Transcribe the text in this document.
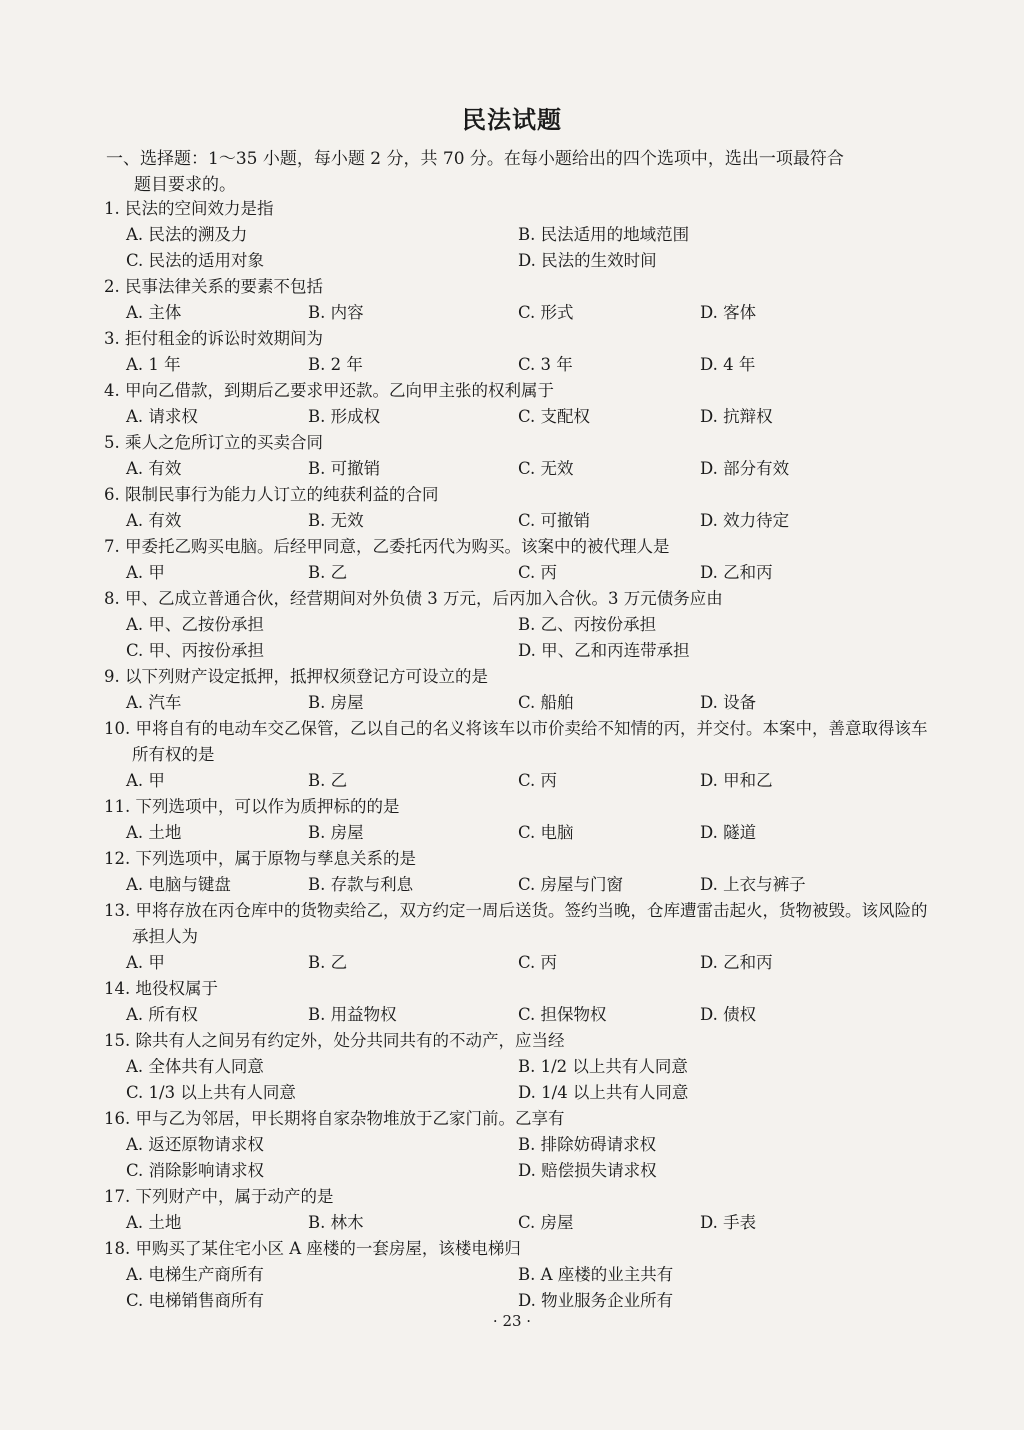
民法试题
一、选择题：1～35 小题，每小题 2 分，共 70 分。在每小题给出的四个选项中，选出一项最符合
题目要求的。
1. 民法的空间效力是指
A. 民法的溯及力	B. 民法适用的地域范围
C. 民法的适用对象	D. 民法的生效时间
2. 民事法律关系的要素不包括
A. 主体	B. 内容	C. 形式	D. 客体
3. 拒付租金的诉讼时效期间为
A. 1 年	B. 2 年	C. 3 年	D. 4 年
4. 甲向乙借款，到期后乙要求甲还款。乙向甲主张的权利属于
A. 请求权	B. 形成权	C. 支配权	D. 抗辩权
5. 乘人之危所订立的买卖合同
A. 有效	B. 可撤销	C. 无效	D. 部分有效
6. 限制民事行为能力人订立的纯获利益的合同
A. 有效	B. 无效	C. 可撤销	D. 效力待定
7. 甲委托乙购买电脑。后经甲同意，乙委托丙代为购买。该案中的被代理人是
A. 甲	B. 乙	C. 丙	D. 乙和丙
8. 甲、乙成立普通合伙，经营期间对外负债 3 万元，后丙加入合伙。3 万元债务应由
A. 甲、乙按份承担	B. 乙、丙按份承担
C. 甲、丙按份承担	D. 甲、乙和丙连带承担
9. 以下列财产设定抵押，抵押权须登记方可设立的是
A. 汽车	B. 房屋	C. 船舶	D. 设备
10. 甲将自有的电动车交乙保管，乙以自己的名义将该车以市价卖给不知情的丙，并交付。本案中，善意取得该车所有权的是
A. 甲	B. 乙	C. 丙	D. 甲和乙
11. 下列选项中，可以作为质押标的的是
A. 土地	B. 房屋	C. 电脑	D. 隧道
12. 下列选项中，属于原物与孳息关系的是
A. 电脑与键盘	B. 存款与利息	C. 房屋与门窗	D. 上衣与裤子
13. 甲将存放在丙仓库中的货物卖给乙，双方约定一周后送货。签约当晚，仓库遭雷击起火，货物被毁。该风险的承担人为
A. 甲	B. 乙	C. 丙	D. 乙和丙
14. 地役权属于
A. 所有权	B. 用益物权	C. 担保物权	D. 债权
15. 除共有人之间另有约定外，处分共同共有的不动产，应当经
A. 全体共有人同意	B. 1/2 以上共有人同意
C. 1/3 以上共有人同意	D. 1/4 以上共有人同意
16. 甲与乙为邻居，甲长期将自家杂物堆放于乙家门前。乙享有
A. 返还原物请求权	B. 排除妨碍请求权
C. 消除影响请求权	D. 赔偿损失请求权
17. 下列财产中，属于动产的是
A. 土地	B. 林木	C. 房屋	D. 手表
18. 甲购买了某住宅小区 A 座楼的一套房屋，该楼电梯归
A. 电梯生产商所有	B. A 座楼的业主共有
C. 电梯销售商所有	D. 物业服务企业所有
· 23 ·
